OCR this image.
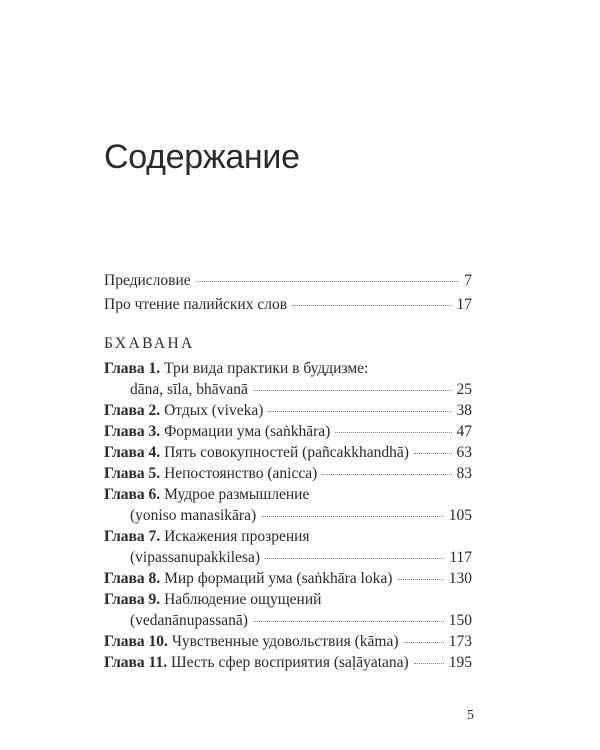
Содержание
Предисловие	7
Про чтение палийских слов	17
БХАВАНА
Глава 1. Три вида практики в буддизме:
dāna, sīla, bhāvanā	25
Глава 2. Отдых (viveka)	38
Глава 3. Формации ума (saṅkhāra)	47
Глава 4. Пять совокупностей (pañcakkhandhā)	63
Глава 5. Непостоянство (anicca)	83
Глава 6. Мудрое размышление
(yoniso manasikāra)	105
Глава 7. Искажения прозрения
(vipassanupakkilesa)	117
Глава 8. Мир формаций ума (saṅkhāra loka)	130
Глава 9. Наблюдение ощущений
(vedanānupassanā)	150
Глава 10. Чувственные удовольствия (kāma)	173
Глава 11. Шесть сфер восприятия (saḷāyatana)	195
5
